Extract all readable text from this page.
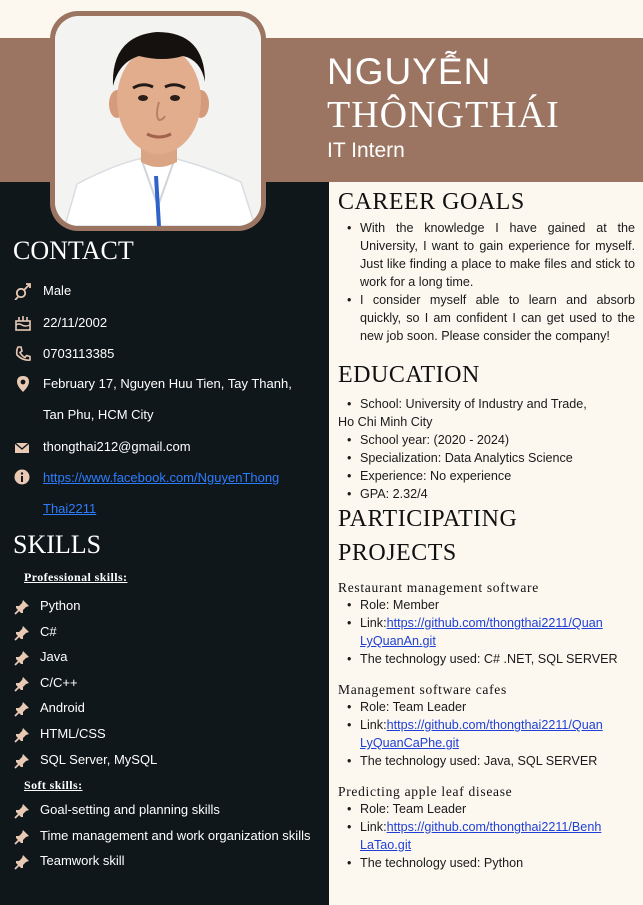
NGUYỄN
THÔNGTHÁI
IT Intern
CONTACT
Male
22/11/2002
0703113385
February 17, Nguyen Huu Tien, Tay Thanh,
Tan Phu, HCM City
thongthai212@gmail.com
https://www.facebook.com/NguyenThong
Thai2211
SKILLS
Professional skills:
Python
C#
Java
C/C++
Android
HTML/CSS
SQL Server, MySQL
Soft skills:
Goal-setting and planning skills
Time management and work organization skills
Teamwork skill
CAREER GOALS
• With the knowledge I have gained at the University, I want to gain experience for myself. Just like finding a place to make files and stick to work for a long time.
• I consider myself able to learn and absorb quickly, so I am confident I can get used to the new job soon. Please consider the company!
EDUCATION
• School: University of Industry and Trade,
Ho Chi Minh City
• School year: (2020 - 2024)
• Specialization: Data Analytics Science
• Experience: No experience
• GPA: 2.32/4
PARTICIPATING
PROJECTS
Restaurant management software
• Role: Member
• Link:https://github.com/thongthai2211/Quan
LyQuanAn.git
• The technology used: C# .NET, SQL SERVER
Management software cafes
• Role: Team Leader
• Link:https://github.com/thongthai2211/Quan
LyQuanCaPhe.git
• The technology used: Java, SQL SERVER
Predicting apple leaf disease
• Role: Team Leader
• Link:https://github.com/thongthai2211/Benh
LaTao.git
• The technology used: Python
